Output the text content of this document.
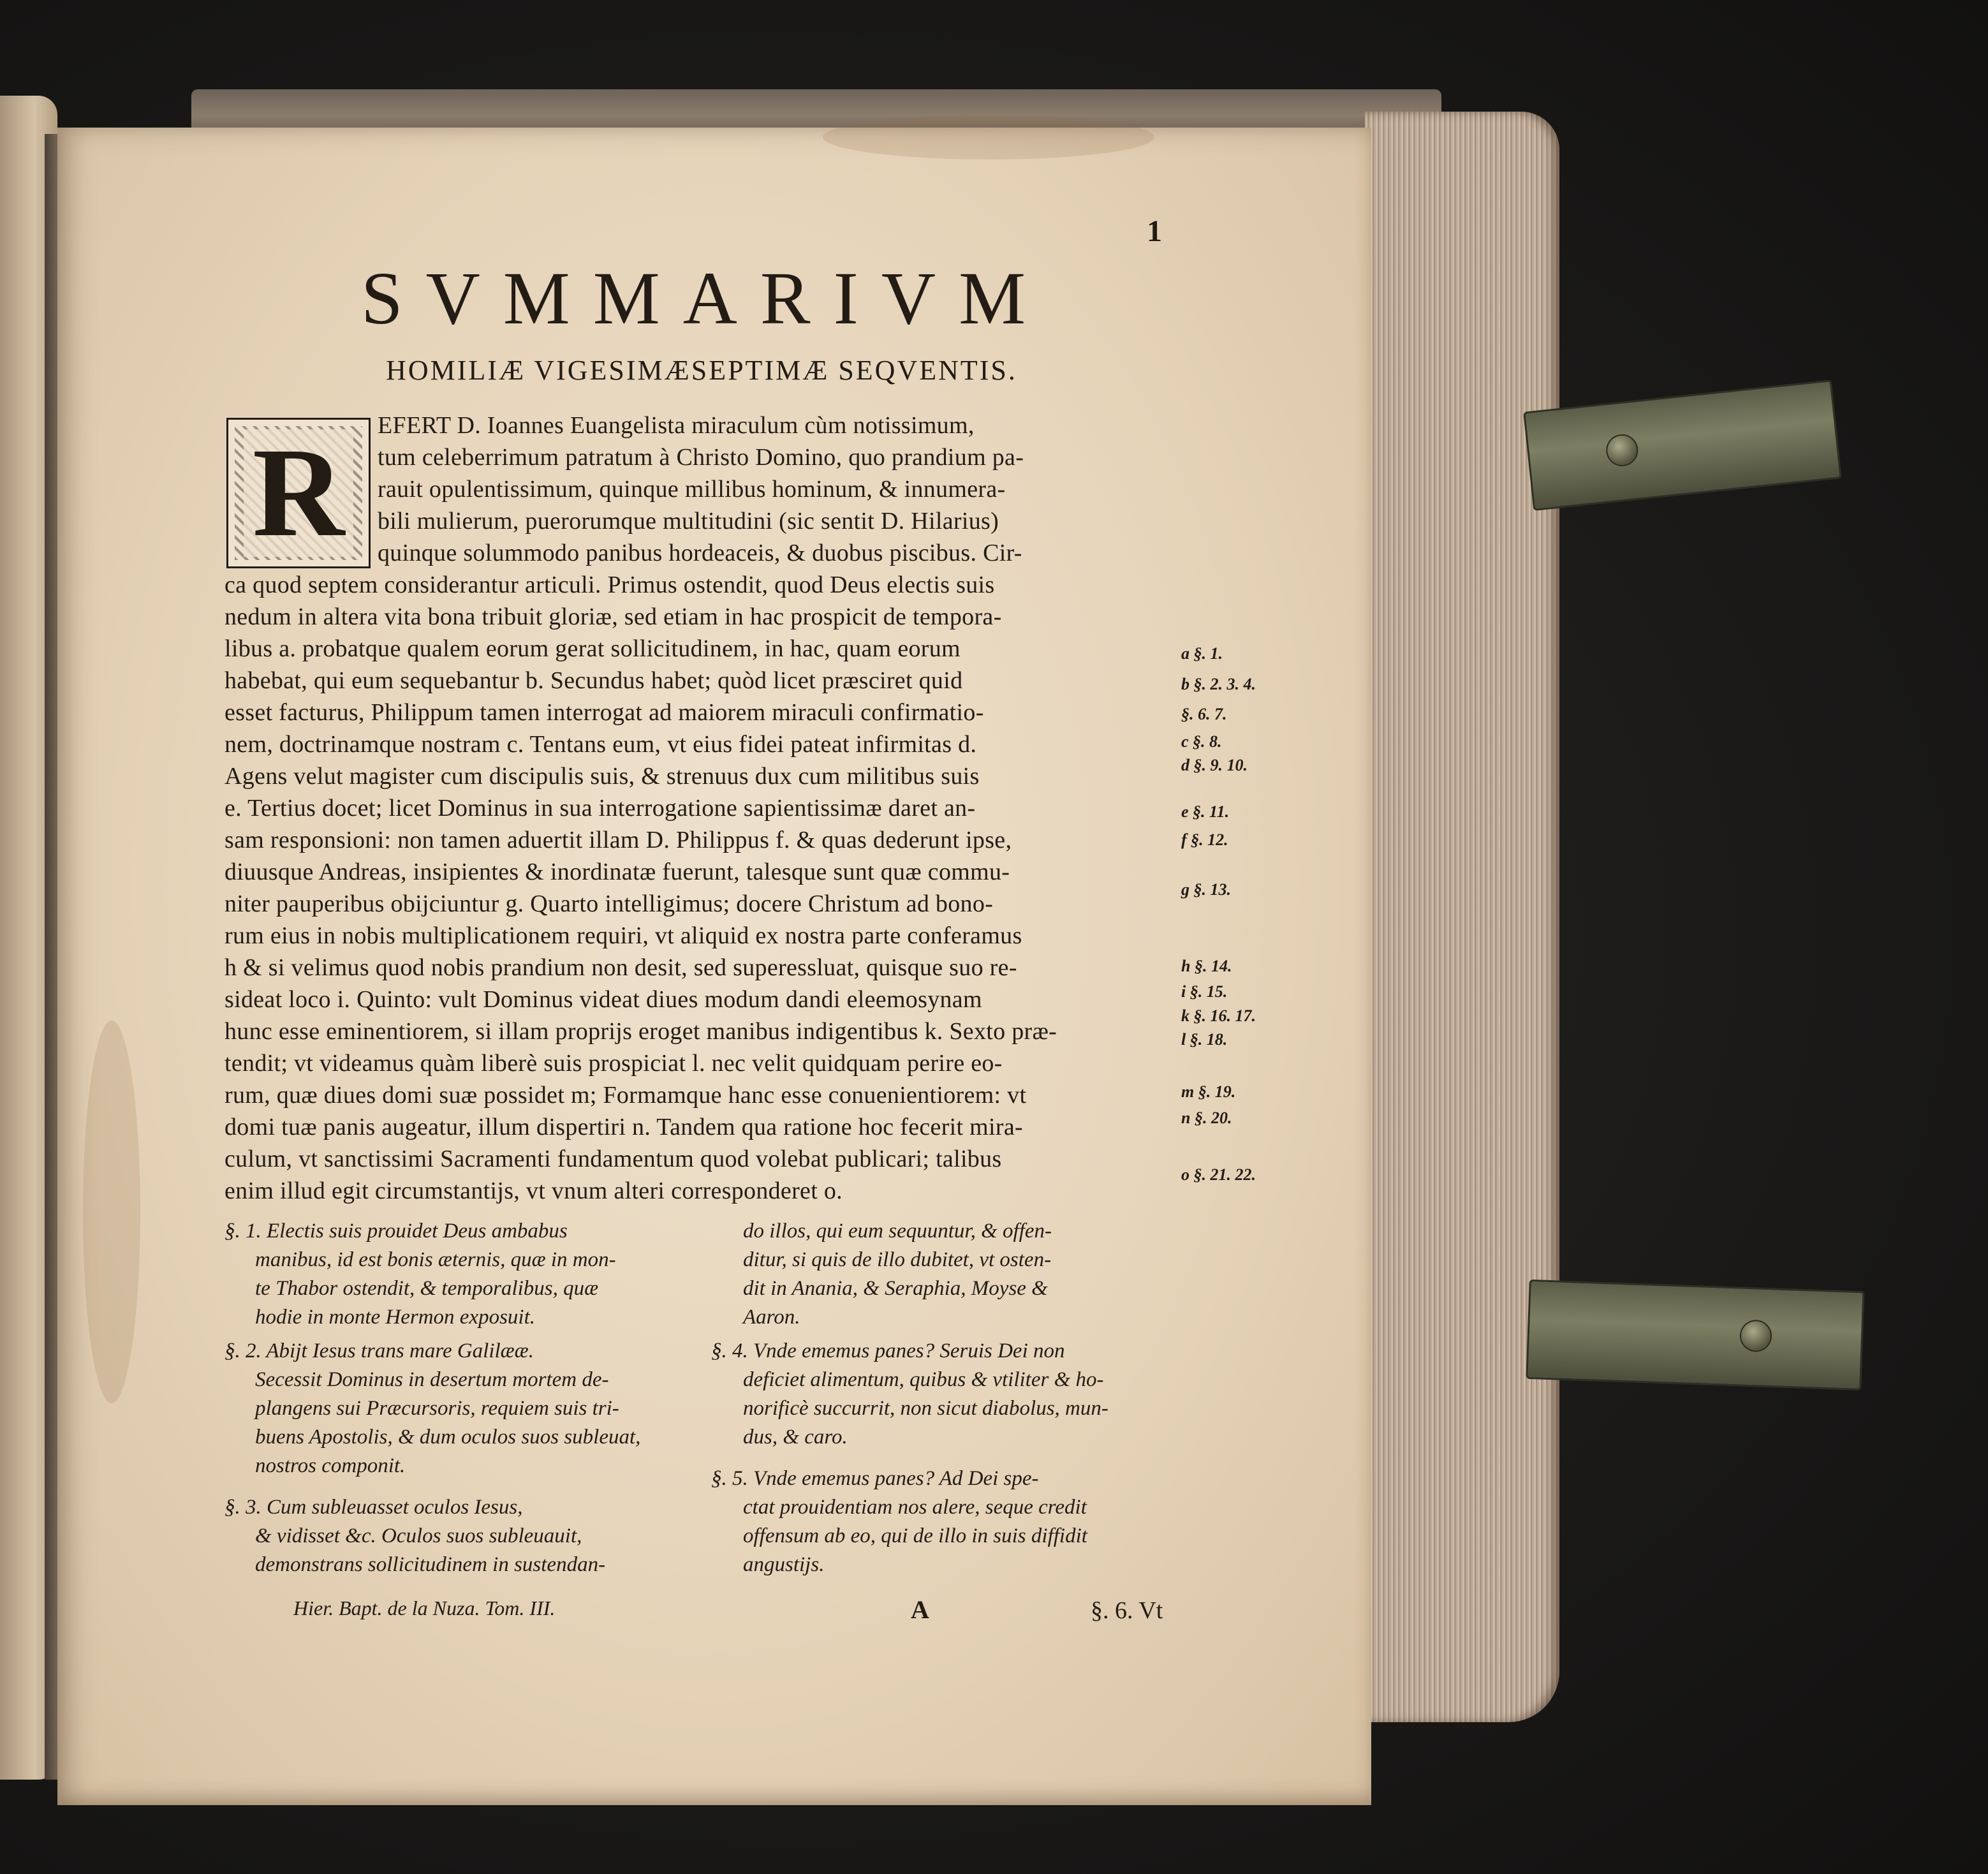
1
SVMMARIVM
HOMILIÆ VIGESIMÆSEPTIMÆ SEQVENTIS.
R	EFERT D. Ioannes Euangelista miraculum cùm notissimum,
tum celeberrimum patratum à Christo Domino, quo prandium pa-
rauit opulentissimum, quinque millibus hominum, & innumera-
bili mulierum, puerorumque multitudini (sic sentit D. Hilarius)
quinque solummodo panibus hordeaceis, & duobus piscibus. Cir-
ca quod septem considerantur articuli. Primus ostendit, quod Deus electis suis
nedum in altera vita bona tribuit gloriæ, sed etiam in hac prospicit de tempora-
libus a. probatque qualem eorum gerat sollicitudinem, in hac, quam eorum
habebat, qui eum sequebantur b. Secundus habet; quòd licet præsciret quid
esset facturus, Philippum tamen interrogat ad maiorem miraculi confirmatio-
nem, doctrinamque nostram c. Tentans eum, vt eius fidei pateat infirmitas d.
Agens velut magister cum discipulis suis, & strenuus dux cum militibus suis
e. Tertius docet; licet Dominus in sua interrogatione sapientissimæ daret an-
sam responsioni: non tamen aduertit illam D. Philippus f. & quas dederunt ipse,
diuusque Andreas, insipientes & inordinatæ fuerunt, talesque sunt quæ commu-
niter pauperibus obijciuntur g. Quarto intelligimus; docere Christum ad bono-
rum eius in nobis multiplicationem requiri, vt aliquid ex nostra parte conferamus
h & si velimus quod nobis prandium non desit, sed superessluat, quisque suo re-
sideat loco i. Quinto: vult Dominus videat diues modum dandi eleemosynam
hunc esse eminentiorem, si illam proprijs eroget manibus indigentibus k. Sexto præ-
tendit; vt videamus quàm liberè suis prospiciat l. nec velit quidquam perire eo-
rum, quæ diues domi suæ possidet m; Formamque hanc esse conuenientiorem: vt
domi tuæ panis augeatur, illum dispertiri n. Tandem qua ratione hoc fecerit mira-
culum, vt sanctissimi Sacramenti fundamentum quod volebat publicari; talibus
enim illud egit circumstantijs, vt vnum alteri corresponderet o.
a §. 1.
b §. 2. 3. 4.
§. 6. 7.
c §. 8.
d §. 9. 10.
e §. 11.
f §. 12.
g §. 13.
h §. 14.
i §. 15.
k §. 16. 17.
l §. 18.
m §. 19.
n §. 20.
o §. 21. 22.
§. 1. Electis suis prouidet Deus ambabus
manibus, id est bonis æternis, quæ in mon-
te Thabor ostendit, & temporalibus, quæ
hodie in monte Hermon exposuit.
§. 2. Abijt Iesus trans mare Galilææ.
Secessit Dominus in desertum mortem de-
plangens sui Præcursoris, requiem suis tri-
buens Apostolis, & dum oculos suos subleuat,
nostros componit.
§. 3. Cum subleuasset oculos Iesus,
& vidisset &c. Oculos suos subleuauit,
demonstrans sollicitudinem in sustendan-
do illos, qui eum sequuntur, & offen-
ditur, si quis de illo dubitet, vt osten-
dit in Anania, & Seraphia, Moyse &
Aaron.
§. 4. Vnde ememus panes? Seruis Dei non
deficiet alimentum, quibus & vtiliter & ho-
norificè succurrit, non sicut diabolus, mun-
dus, & caro.
§. 5. Vnde ememus panes? Ad Dei spe-
ctat prouidentiam nos alere, seque credit
offensum ab eo, qui de illo in suis diffidit
angustijs.
Hier. Bapt. de la Nuza. Tom. III.	A	§. 6. Vt
